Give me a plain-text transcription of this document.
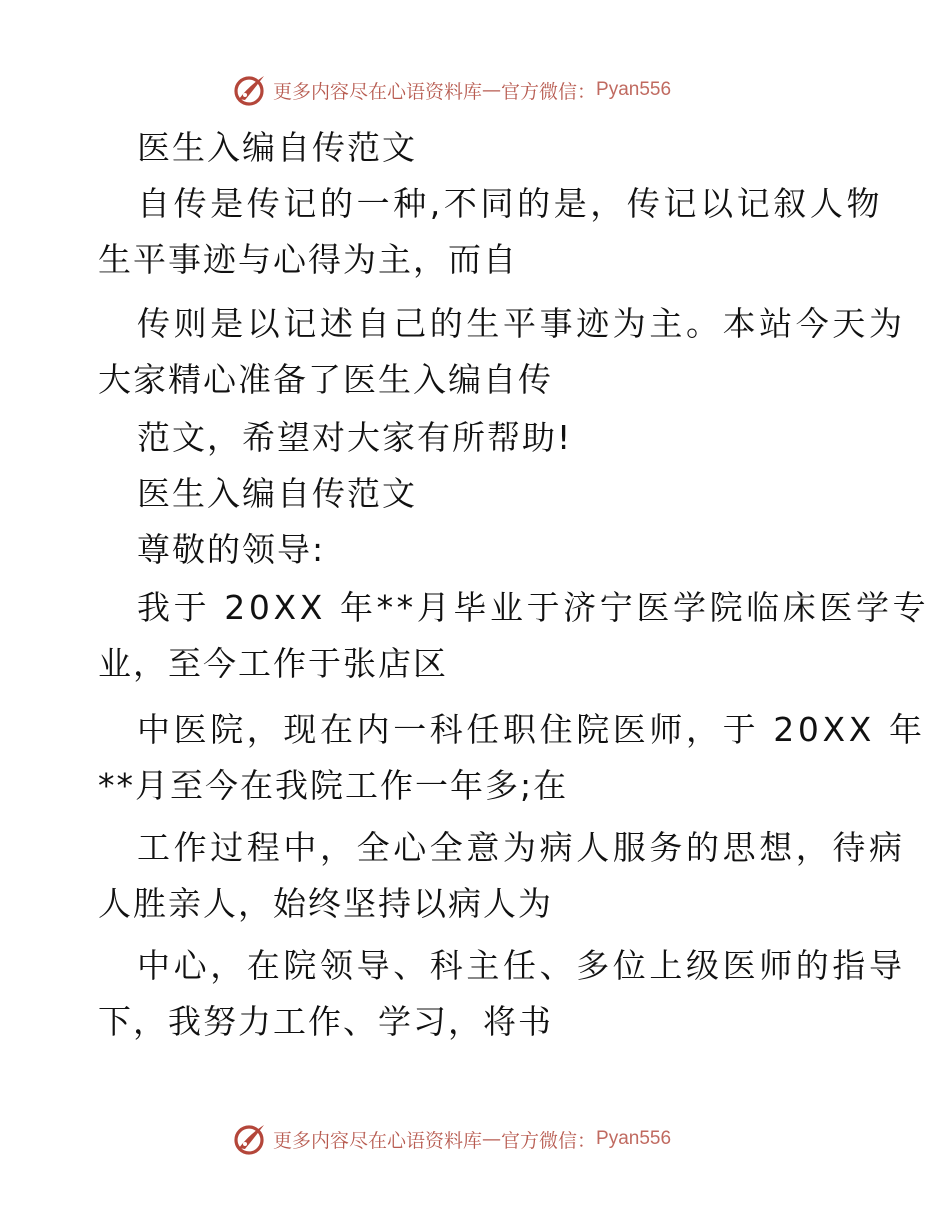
更多内容尽在心语资料库 — 官方微信： Pyan556
医生入编自传范文
自传是传记的一种,不同的是，传记以记叙人物
生平事迹与心得为主，而自
传则是以记述自己的生平事迹为主。本站今天为
大家精心准备了医生入编自传
范文，希望对大家有所帮助!
医生入编自传范文
尊敬的领导:
我于 20XX 年**月毕业于济宁医学院临床医学专
业，至今工作于张店区
中医院，现在内一科任职住院医师，于 20XX 年
**月至今在我院工作一年多;在
工作过程中，全心全意为病人服务的思想，待病
人胜亲人，始终坚持以病人为
中心，在院领导、科主任、多位上级医师的指导
下，我努力工作、学习，将书
更多内容尽在心语资料库 — 官方微信： Pyan556
